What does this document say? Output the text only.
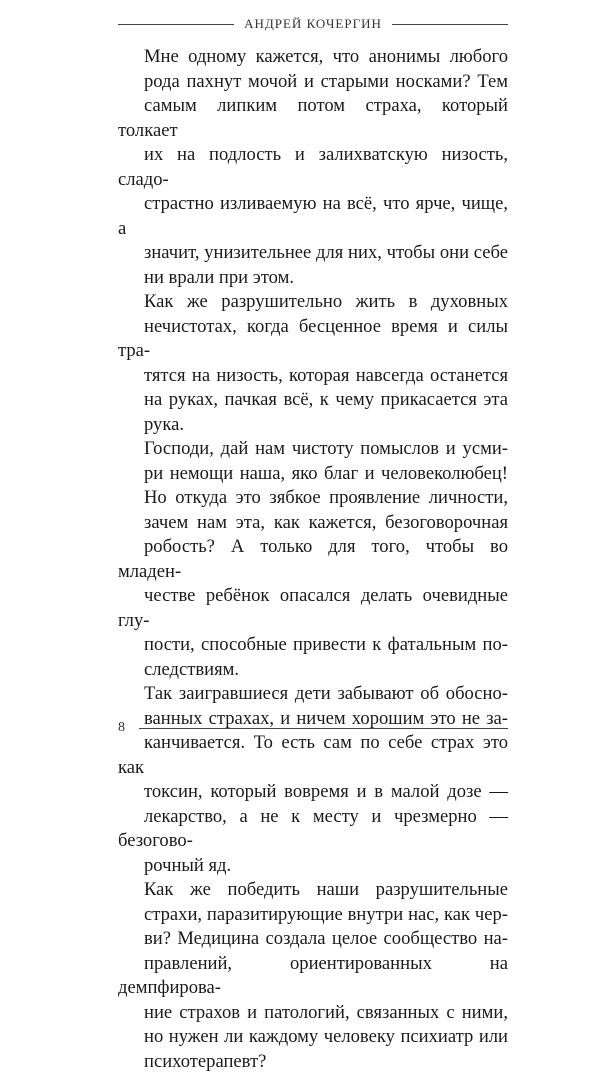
АНДРЕЙ КОЧЕРГИН
Мне одному кажется, что анонимы любого
рода пахнут мочой и старыми носками? Тем
самым липким потом страха, который толкает
их на подлость и залихватскую низость, сладо-
страстно изливаемую на всё, что ярче, чище, а
значит, унизительнее для них, чтобы они себе
ни врали при этом.
Как же разрушительно жить в духовных
нечистотах, когда бесценное время и силы тра-
тятся на низость, которая навсегда останется
на руках, пачкая всё, к чему прикасается эта
рука.
Господи, дай нам чистоту помыслов и усми-
ри немощи наша, яко благ и человеколюбец!
Но откуда это зябкое проявление личности,
зачем нам эта, как кажется, безоговорочная
робость? А только для того, чтобы во младен-
честве ребёнок опасался делать очевидные глу-
пости, способные привести к фатальным по-
следствиям.
Так заигравшиеся дети забывают об обосно-
ванных страхах, и ничем хорошим это не за-
канчивается. То есть сам по себе страх это как
токсин, который вовремя и в малой дозе —
лекарство, а не к месту и чрезмерно — безогово-
рочный яд.
Как же победить наши разрушительные
страхи, паразитирующие внутри нас, как чер-
ви? Медицина создала целое сообщество на-
правлений, ориентированных на демпфирова-
ние страхов и патологий, связанных с ними,
но нужен ли каждому человеку психиатр или
психотерапевт?
8
